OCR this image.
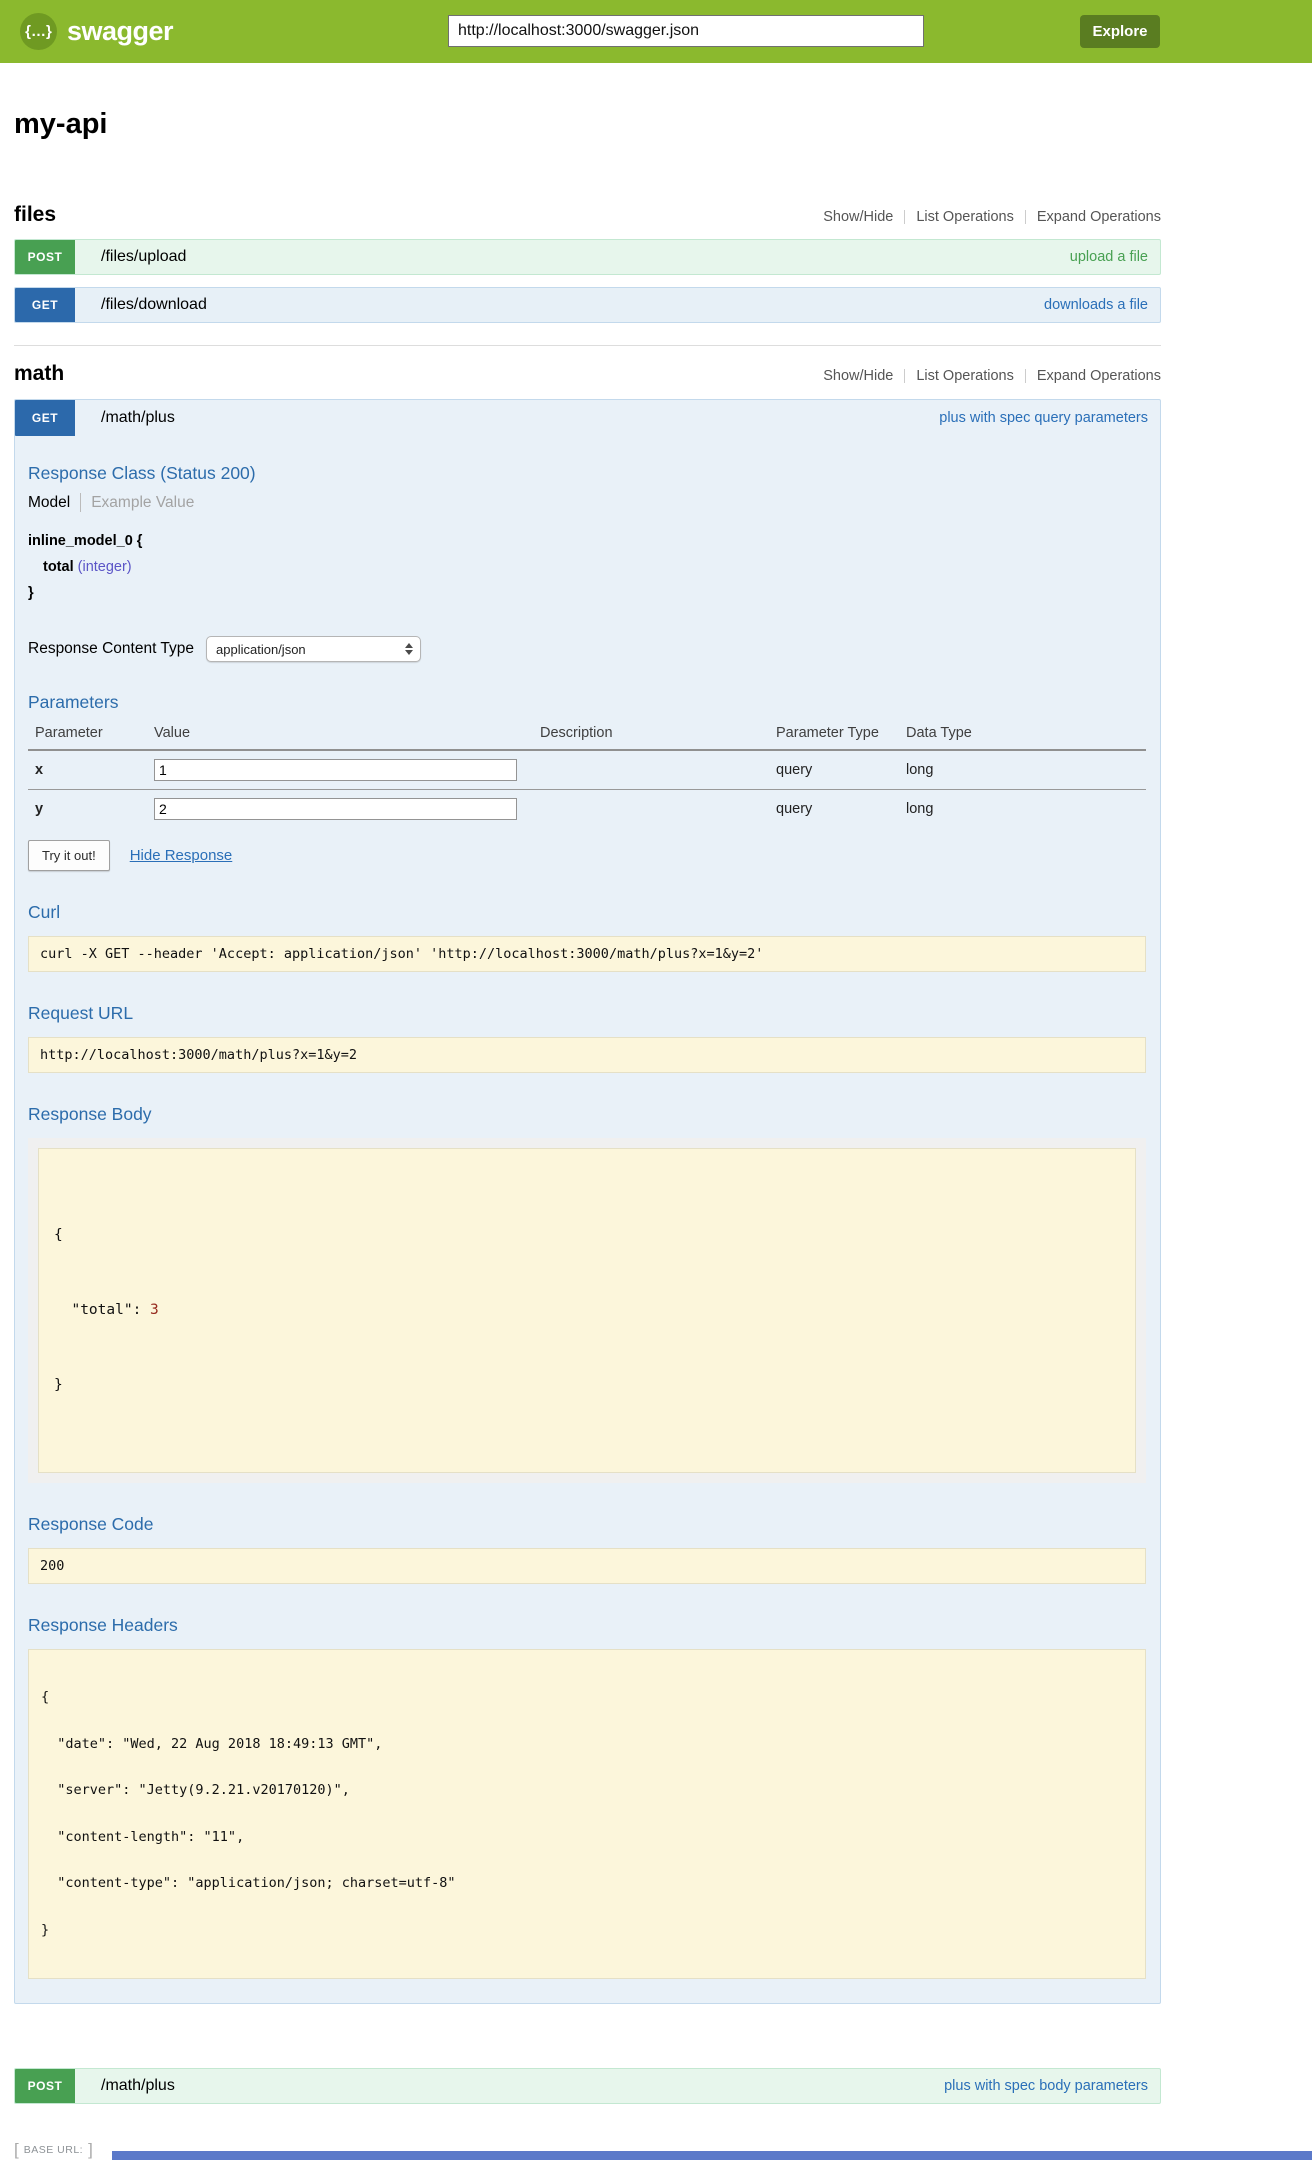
{…} swagger
http://localhost:3000/swagger.json	Explore
my-api
files	Show/Hide List Operations Expand Operations
POST	/files/upload	upload a file
GET	/files/download	downloads a file
math	Show/Hide List Operations Expand Operations
GET	/math/plus	plus with spec query parameters
Response Class (Status 200)
Model Example Value
inline_model_0 {
total (integer)
}
Response Content Type application/json
Parameters
Parameter	Value	Description	Parameter Type	Data Type
x	1		query	long
y	2		query	long
Try it out!	Hide Response
Curl
curl -X GET --header 'Accept: application/json' 'http://localhost:3000/math/plus?x=1&y=2'
Request URL
http://localhost:3000/math/plus?x=1&y=2
Response Body

{

"total": 3

}

Response Code
200
Response Headers

{

"date": "Wed, 22 Aug 2018 18:49:13 GMT",

"server": "Jetty(9.2.21.v20170120)",

"content-length": "11",

"content-type": "application/json; charset=utf-8"

}

POST	/math/plus	plus with spec body parameters
[ BASE URL: ]
